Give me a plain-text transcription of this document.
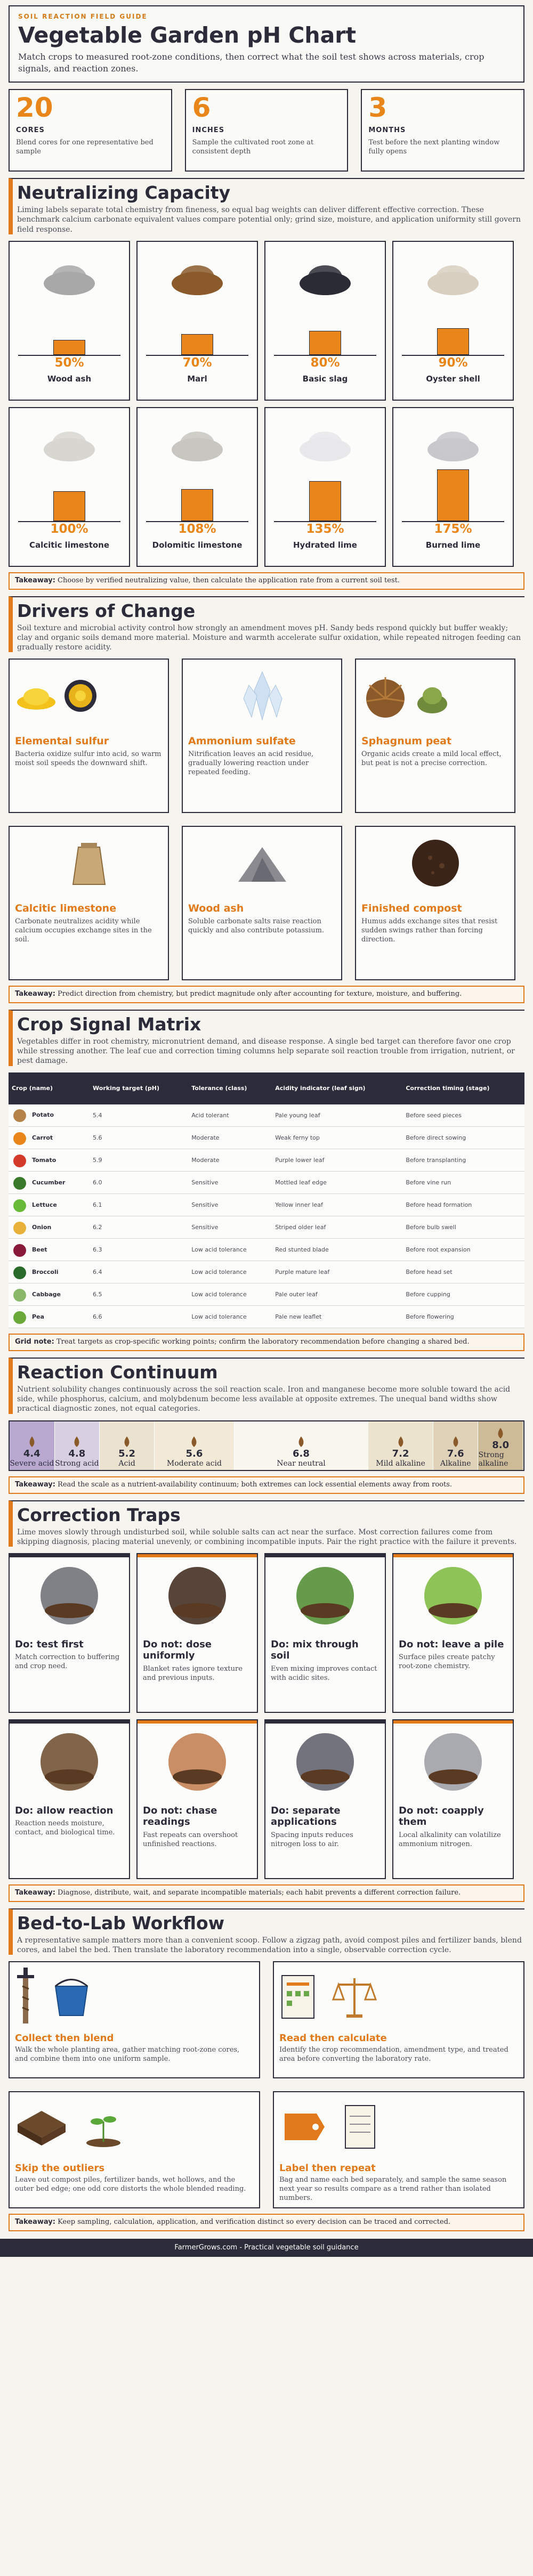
SOIL REACTION FIELD GUIDE
Vegetable Garden pH Chart
Match crops to measured root-zone conditions, then correct what the soil test shows across materials, crop signals, and reaction zones.
20
CORES
Blend cores for one representative bed sample
6
INCHES
Sample the cultivated root zone at consistent depth
3
MONTHS
Test before the next planting window fully opens
Neutralizing Capacity
Liming labels separate total chemistry from fineness, so equal bag weights can deliver different effective correction. These benchmark calcium carbonate equivalent values compare potential only; grind size, moisture, and application uniformity still govern field response.
50%
Wood ash
70%
Marl
80%
Basic slag
90%
Oyster shell
100%
Calcitic limestone
108%
Dolomitic limestone
135%
Hydrated lime
175%
Burned lime
Takeaway: Choose by verified neutralizing value, then calculate the application rate from a current soil test.
Drivers of Change
Soil texture and microbial activity control how strongly an amendment moves pH. Sandy beds respond quickly but buffer weakly; clay and organic soils demand more material. Moisture and warmth accelerate sulfur oxidation, while repeated nitrogen feeding can gradually restore acidity.
Elemental sulfur
Bacteria oxidize sulfur into acid, so warm moist soil speeds the downward shift.
Ammonium sulfate
Nitrification leaves an acid residue, gradually lowering reaction under repeated feeding.
Sphagnum peat
Organic acids create a mild local effect, but peat is not a precise correction.
Calcitic limestone
Carbonate neutralizes acidity while calcium occupies exchange sites in the soil.
Wood ash
Soluble carbonate salts raise reaction quickly and also contribute potassium.
Finished compost
Humus adds exchange sites that resist sudden swings rather than forcing direction.
Takeaway: Predict direction from chemistry, but predict magnitude only after accounting for texture, moisture, and buffering.
Crop Signal Matrix
Vegetables differ in root chemistry, micronutrient demand, and disease response. A single bed target can therefore favor one crop while stressing another. The leaf cue and correction timing columns help separate soil reaction trouble from irrigation, nutrient, or pest damage.
Crop (name)	Working target (pH)	Tolerance (class)	Acidity indicator (leaf sign)	Correction timing (stage)
Potato	5.4	Acid tolerant	Pale young leaf	Before seed pieces
Carrot	5.6	Moderate	Weak ferny top	Before direct sowing
Tomato	5.9	Moderate	Purple lower leaf	Before transplanting
Cucumber	6.0	Sensitive	Mottled leaf edge	Before vine run
Lettuce	6.1	Sensitive	Yellow inner leaf	Before head formation
Onion	6.2	Sensitive	Striped older leaf	Before bulb swell
Beet	6.3	Low acid tolerance	Red stunted blade	Before root expansion
Broccoli	6.4	Low acid tolerance	Purple mature leaf	Before head set
Cabbage	6.5	Low acid tolerance	Pale outer leaf	Before cupping
Pea	6.6	Low acid tolerance	Pale new leaflet	Before flowering
Grid note: Treat targets as crop-specific working points; confirm the laboratory recommendation before changing a shared bed.
Reaction Continuum
Nutrient solubility changes continuously across the soil reaction scale. Iron and manganese become more soluble toward the acid side, while phosphorus, calcium, and molybdenum become less available at opposite extremes. The unequal band widths show practical diagnostic zones, not equal categories.
4.4
Severe acid
4.8
Strong acid
5.2
Acid
5.6
Moderate acid
6.8
Near neutral
7.2
Mild alkaline
7.6
Alkaline
8.0
Strong alkaline
Takeaway: Read the scale as a nutrient-availability continuum; both extremes can lock essential elements away from roots.
Correction Traps
Lime moves slowly through undisturbed soil, while soluble salts can act near the surface. Most correction failures come from skipping diagnosis, placing material unevenly, or combining incompatible inputs. Pair the right practice with the failure it prevents.
Do: test first
Match correction to buffering and crop need.
Do not: dose uniformly
Blanket rates ignore texture and previous inputs.
Do: mix through soil
Even mixing improves contact with acidic sites.
Do not: leave a pile
Surface piles create patchy root-zone chemistry.
Do: allow reaction
Reaction needs moisture, contact, and biological time.
Do not: chase readings
Fast repeats can overshoot unfinished reactions.
Do: separate applications
Spacing inputs reduces nitrogen loss to air.
Do not: coapply them
Local alkalinity can volatilize ammonium nitrogen.
Takeaway: Diagnose, distribute, wait, and separate incompatible materials; each habit prevents a different correction failure.
Bed-to-Lab Workflow
A representative sample matters more than a convenient scoop. Follow a zigzag path, avoid compost piles and fertilizer bands, blend cores, and label the bed. Then translate the laboratory recommendation into a single, observable correction cycle.
Collect then blend
Walk the whole planting area, gather matching root-zone cores, and combine them into one uniform sample.
Read then calculate
Identify the crop recommendation, amendment type, and treated area before converting the laboratory rate.
Skip the outliers
Leave out compost piles, fertilizer bands, wet hollows, and the outer bed edge; one odd core distorts the whole blended reading.
Label then repeat
Bag and name each bed separately, and sample the same season next year so results compare as a trend rather than isolated numbers.
Takeaway: Keep sampling, calculation, application, and verification distinct so every decision can be traced and corrected.
FarmerGrows.com - Practical vegetable soil guidance
